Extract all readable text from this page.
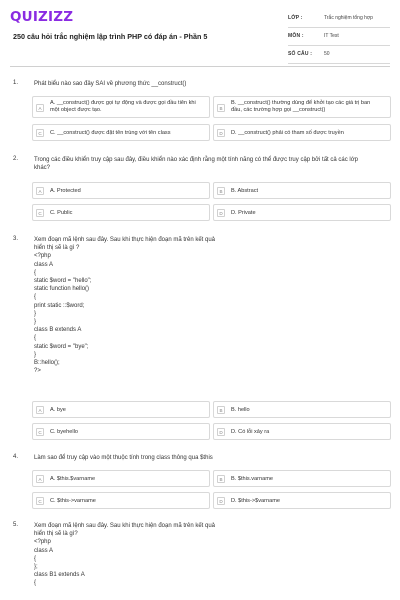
QUIZIZZ
250 câu hỏi trắc nghiệm lập trình PHP có đáp án - Phần 5
LỚP :	Trắc nghiệm tổng hợp
MÔN :	IT Test
SỐ CÂU : 50
1.	Phát biểu nào sao đây SAI về phương thức __construct()
A
A. __construct() được gọi tự động và được gọi đầu tiên khi một object được tạo.	B
B. __construct() thường dùng để khởi tạo các giá trị ban đầu, các trường hợp gọi __construct()
C	C. __construct() được đặt tên trùng với tên class	D	D. __construct() phải có tham số được truyền
2.	Trong các điều khiển truy cập sau đây, điều khiển nào xác định rằng một tính năng có thể được truy cập bởi tất cả các lớp khác?
A	A. Protected	B	B. Abstract
C	C. Public	D	D. Private
3.	Xem đoạn mã lệnh sau đây. Sau khi thực hiện đoạn mã trên kết quả
hiển thị sẽ là gì ?
<?php
class A
{
static $word = "hello";
static function hello()
{
print static ::$word;
}
}
class B extends A
{
static $word = "bye";
}
B::hello();
?>
A	A. bye	B	B. hello
C	C. byehello	D	D. Có lỗi xảy ra
4.	Làm sao để truy cập vào một thuộc tính trong class thông qua $this
A	A. $this.$varname	B	B. $this.varname
C	C. $this->varname	D	D. $this->$varname
5.	Xem đoạn mã lệnh sau đây. Sau khi thực hiện đoạn mã trên kết quả
hiển thị sẽ là gì?
<?php
class A
{
};
class B1 extends A
{
